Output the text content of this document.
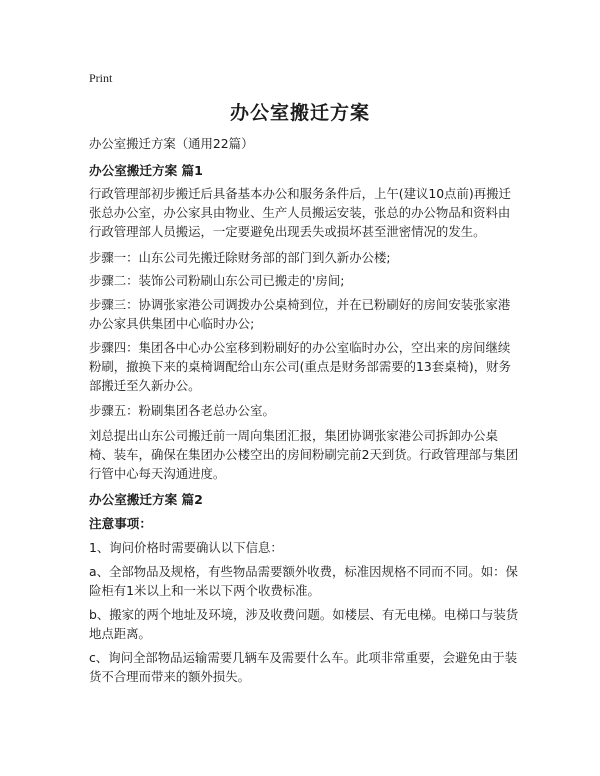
Print
办公室搬迁方案

办公室搬迁方案（通用22篇）

办公室搬迁方案 篇1

行政管理部初步搬迁后具备基本办公和服务条件后，上午(建议10点前)再搬迁张总办公室，办公家具由物业、生产人员搬运安装，张总的办公物品和资料由行政管理部人员搬运，一定要避免出现丢失或损坏甚至泄密情况的发生。

步骤一：山东公司先搬迁除财务部的部门到久新办公楼;

步骤二：装饰公司粉刷山东公司已搬走的'房间;

步骤三：协调张家港公司调拨办公桌椅到位，并在已粉刷好的房间安装张家港办公家具供集团中心临时办公;

步骤四：集团各中心办公室移到粉刷好的办公室临时办公，空出来的房间继续粉刷，撤换下来的桌椅调配给山东公司(重点是财务部需要的13套桌椅)，财务部搬迁至久新办公。

步骤五：粉刷集团各老总办公室。

刘总提出山东公司搬迁前一周向集团汇报，集团协调张家港公司拆卸办公桌椅、装车，确保在集团办公楼空出的房间粉刷完前2天到货。行政管理部与集团行管中心每天沟通进度。

办公室搬迁方案 篇2

注意事项：

1、询问价格时需要确认以下信息：

a、全部物品及规格，有些物品需要额外收费，标准因规格不同而不同。如：保险柜有1米以上和一米以下两个收费标准。

b、搬家的两个地址及环境，涉及收费问题。如楼层、有无电梯。电梯口与装货地点距离。

c、询问全部物品运输需要几辆车及需要什么车。此项非常重要，会避免由于装货不合理而带来的额外损失。
